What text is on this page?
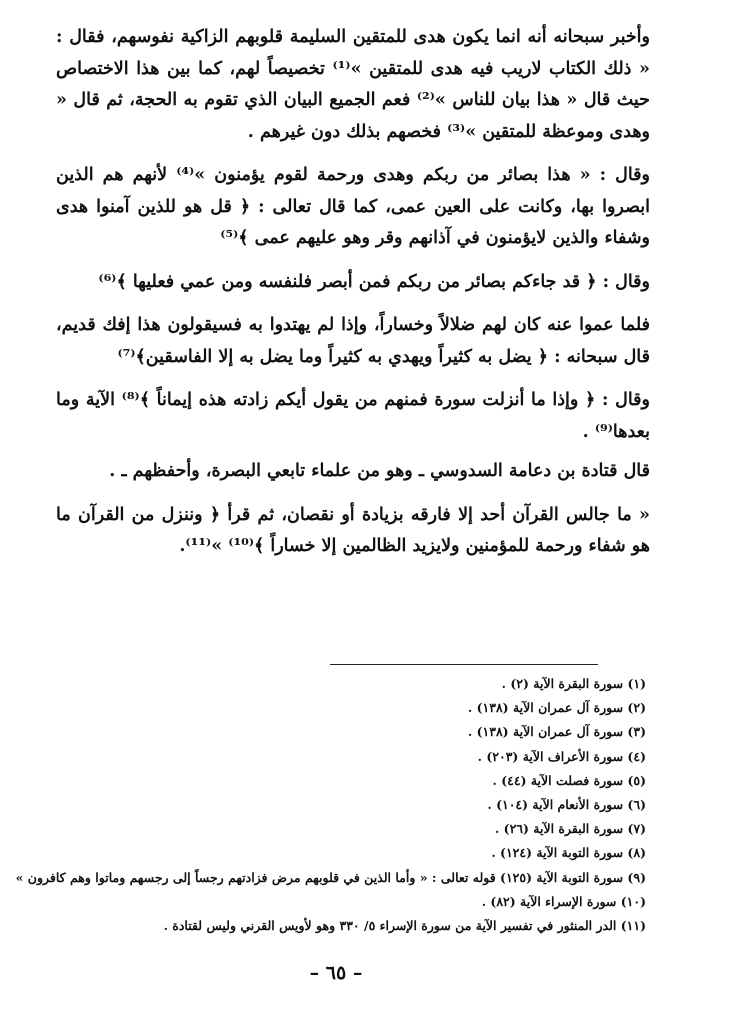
وأخبر سبحانه أنه انما يكون هدى للمتقين السليمة قلوبهم الزاكية نفوسهم، فقال : « ذلك الكتاب لاريب فيه هدى للمتقين »⁽¹⁾ تخصيصاً لهم، كما بين هذا الاختصاص حيث قال « هذا بيان للناس »⁽²⁾ فعم الجميع البيان الذي تقوم به الحجة، ثم قال « وهدى وموعظة للمتقين »⁽³⁾ فخصهم بذلك دون غيرهم .

وقال : « هذا بصائر من ربكم وهدى ورحمة لقوم يؤمنون »⁽⁴⁾ لأنهم هم الذين ابصروا بها، وكانت على العين عمى، كما قال تعالى : ﴿ قل هو للذين آمنوا هدى وشفاء والذين لايؤمنون في آذانهم وقر وهو عليهم عمى ﴾⁽⁵⁾

وقال : ﴿ قد جاءكم بصائر من ربكم فمن أبصر فلنفسه ومن عمي فعليها ﴾⁽⁶⁾

فلما عموا عنه كان لهم ضلالاً وخساراً، وإذا لم يهتدوا به فسيقولون هذا إفك قديم، قال سبحانه : ﴿ يضل به كثيراً ويهدي به كثيراً وما يضل به إلا الفاسقين﴾⁽⁷⁾

وقال : ﴿ وإذا ما أنزلت سورة فمنهم من يقول أيكم زادته هذه إيماناً ﴾⁽⁸⁾ الآية وما بعدها⁽⁹⁾ .

قال قتادة بن دعامة السدوسي ـ وهو من علماء تابعي البصرة، وأحفظهم ـ .

« ما جالس القرآن أحد إلا فارقه بزيادة أو نقصان، ثم قرأ ﴿ وننزل من القرآن ما هو شفاء ورحمة للمؤمنين ولايزيد الظالمين إلا خساراً ﴾⁽¹⁰⁾ »⁽¹¹⁾.

(١) سورة البقرة الآية (٢) .
(٢) سورة آل عمران الآية (١٣٨) .
(٣) سورة آل عمران الآية (١٣٨) .
(٤) سورة الأعراف الآية (٢٠٣) .
(٥) سورة فصلت الآية (٤٤) .
(٦) سورة الأنعام الآية (١٠٤) .
(٧) سورة البقرة الآية (٢٦) .
(٨) سورة التوبة الآية (١٢٤) .
(٩) سورة التوبة الآية (١٢٥) قوله تعالى : « وأما الذين في قلوبهم مرض فزادتهم رجساً إلى رجسهم وماتوا وهم كافرون »
(١٠) سورة الإسراء الآية (٨٢) .
(١١) الدر المنثور في تفسير الآية من سورة الإسراء ٥/ ٣٣٠ وهو لأويس القرني وليس لقتادة .
– ٦٥ –
